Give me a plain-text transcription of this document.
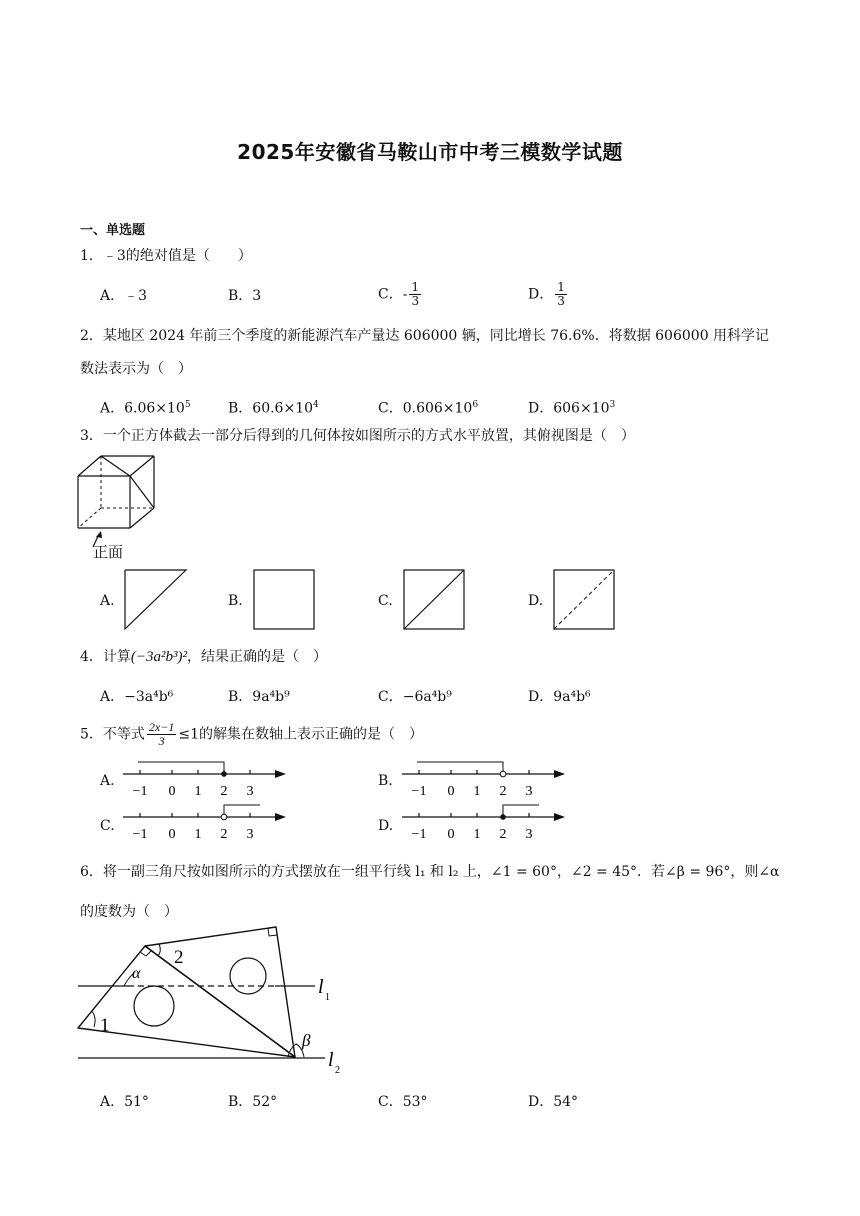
2025年安徽省马鞍山市中考三模数学试题
一、单选题
1．﹣3的绝对值是（　　）
A．﹣3	B．3	C．- $\frac{1}{3}$	D． $\frac{1}{3}$
2．某地区 2024 年前三个季度的新能源汽车产量达 606000 辆，同比增长 76.6%．将数据 606000 用科学记
数法表示为（　）
A．$6.06\times 10^5$	B．$60.6\times 10^4$	C．$0.606\times 10^6$	D．$606\times 10^3$
3．一个正方体截去一部分后得到的几何体按如图所示的方式水平放置，其俯视图是（　）
正面
A.	B.	C.	D.
4．计算(−3a²b³)²，结果正确的是（　）
A．−3a⁴b⁶	B．9a⁴b⁹	C．−6a⁴b⁹	D．9a⁴b⁶
5．不等式 $\frac{2x-1}{3} \le 1$的解集在数轴上表示正确的是（　）
A.
−1 0 1 2 3
B.
−1 0 1 2 3
C.
−1 0 1 2 3
D.
−1 0 1 2 3
6．将一副三角尺按如图所示的方式摆放在一组平行线 l₁ 和 l₂ 上，∠1 = 60°，∠2 = 45°．若∠β = 96°，则∠α
的度数为（　）
1
2
α
β
l 1
l 2
A．51°	B．52°	C．53°	D．54°
